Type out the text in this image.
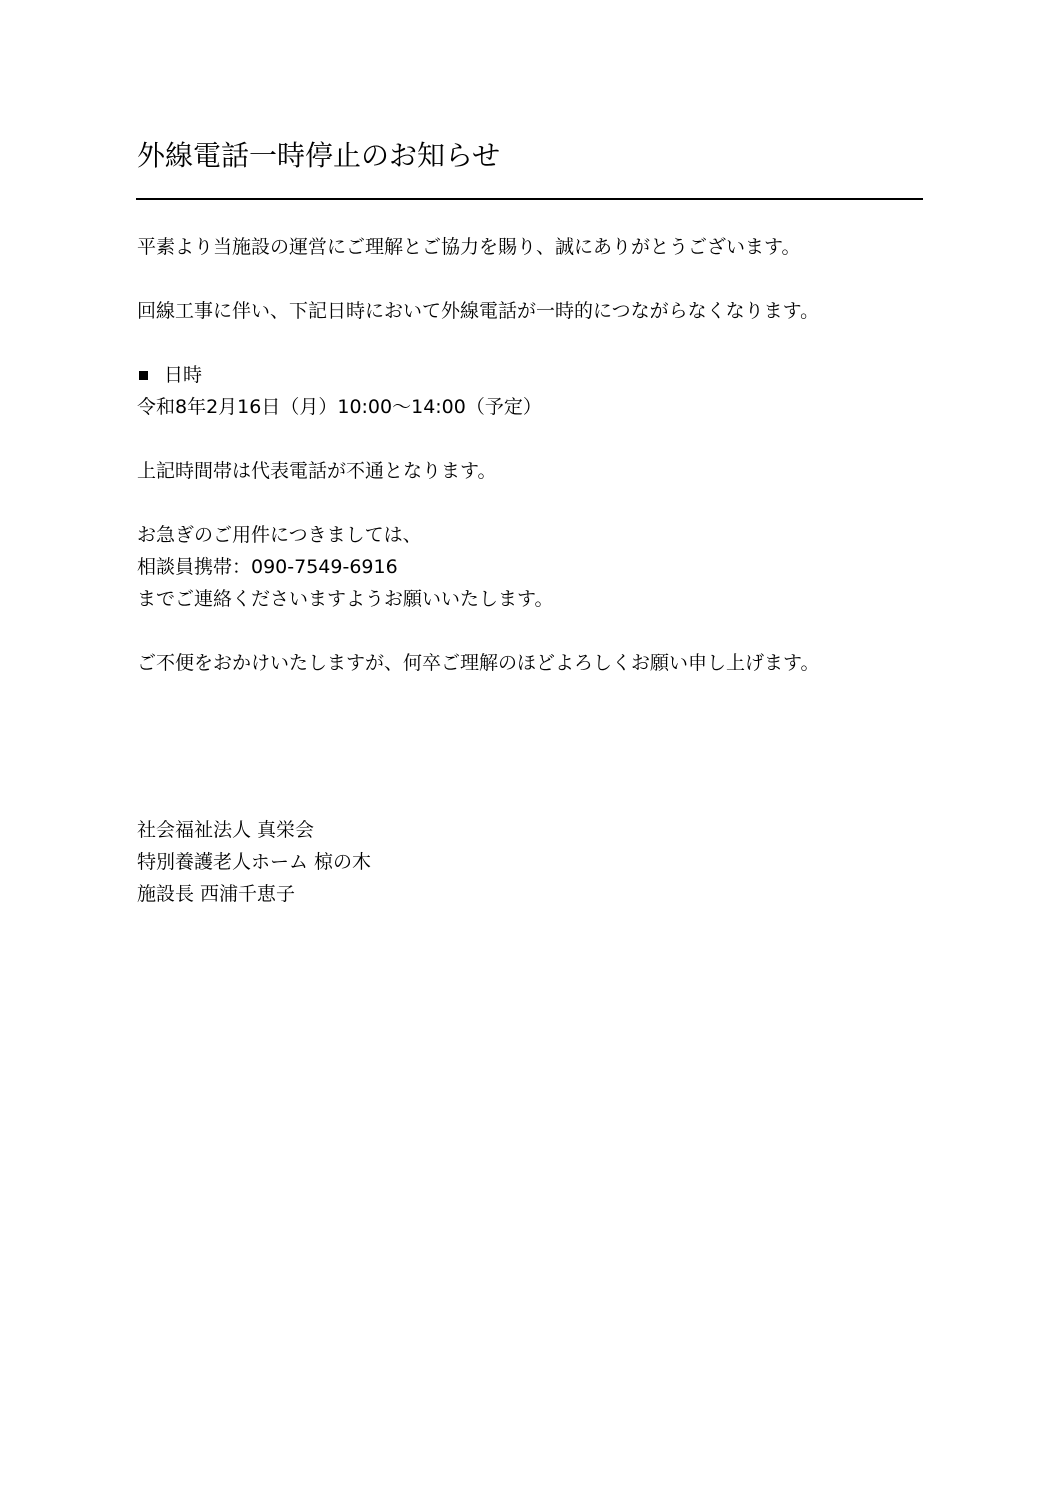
外線電話一時停止のお知らせ

平素より当施設の運営にご理解とご協力を賜り、誠にありがとうございます。

回線工事に伴い、下記日時において外線電話が一時的につながらなくなります。

日時

令和8年2月16日（月）10:00～14:00（予定）

上記時間帯は代表電話が不通となります。

お急ぎのご用件につきましては、

相談員携帯：090-7549-6916

までご連絡くださいますようお願いいたします。

ご不便をおかけいたしますが、何卒ご理解のほどよろしくお願い申し上げます。

社会福祉法人 真栄会

特別養護老人ホーム 椋の木

施設長 西浦千恵子
